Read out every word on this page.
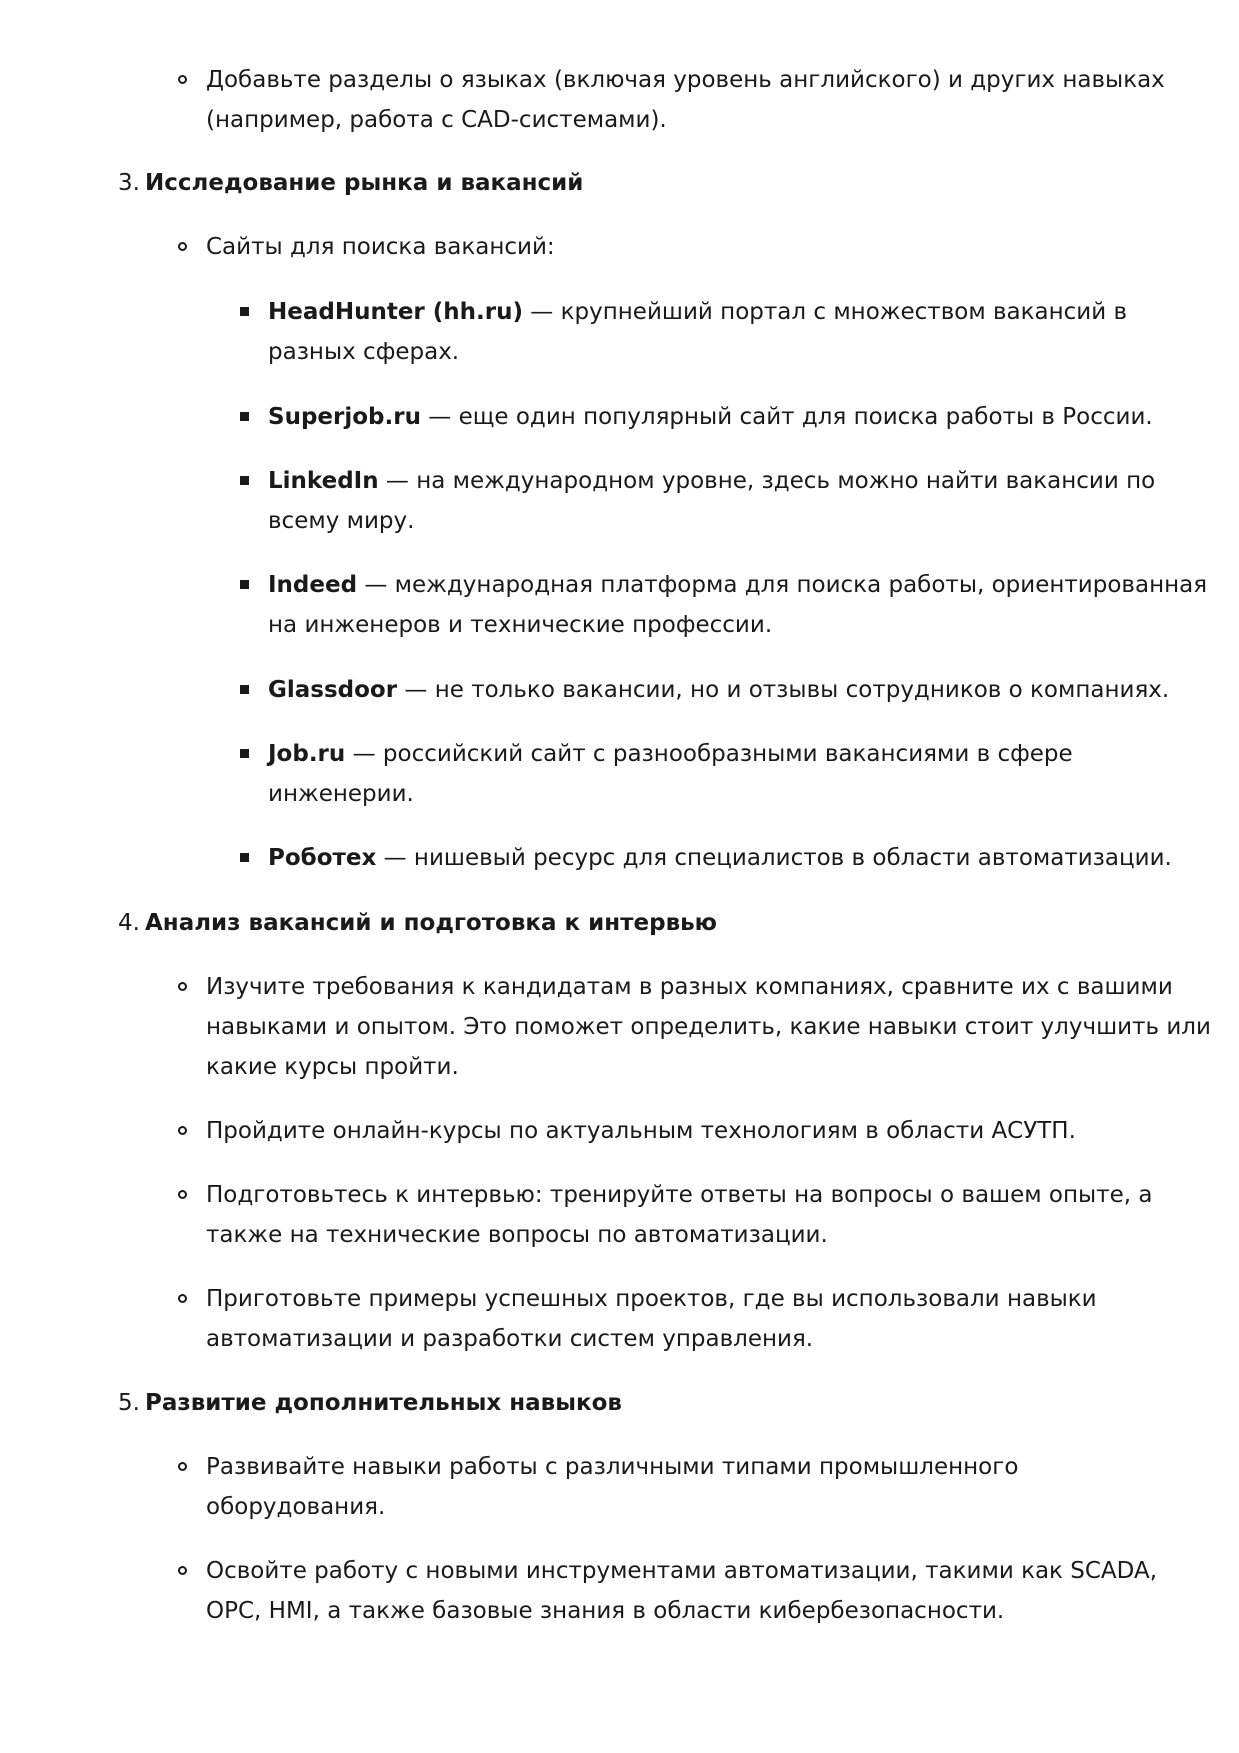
Добавьте разделы о языках (включая уровень английского) и других навыках
(например, работа с CAD-системами).
3. Исследование рынка и вакансий
Сайты для поиска вакансий:
HeadHunter (hh.ru) — крупнейший портал с множеством вакансий в
разных сферах.
Superjob.ru — еще один популярный сайт для поиска работы в России.
LinkedIn — на международном уровне, здесь можно найти вакансии по
всему миру.
Indeed — международная платформа для поиска работы, ориентированная
на инженеров и технические профессии.
Glassdoor — не только вакансии, но и отзывы сотрудников о компаниях.
Job.ru — российский сайт с разнообразными вакансиями в сфере
инженерии.
Роботех — нишевый ресурс для специалистов в области автоматизации.
4. Анализ вакансий и подготовка к интервью
Изучите требования к кандидатам в разных компаниях, сравните их с вашими
навыками и опытом. Это поможет определить, какие навыки стоит улучшить или
какие курсы пройти.
Пройдите онлайн-курсы по актуальным технологиям в области АСУТП.
Подготовьтесь к интервью: тренируйте ответы на вопросы о вашем опыте, а
также на технические вопросы по автоматизации.
Приготовьте примеры успешных проектов, где вы использовали навыки
автоматизации и разработки систем управления.
5. Развитие дополнительных навыков
Развивайте навыки работы с различными типами промышленного
оборудования.
Освойте работу с новыми инструментами автоматизации, такими как SCADA,
OPC, HMI, а также базовые знания в области кибербезопасности.
